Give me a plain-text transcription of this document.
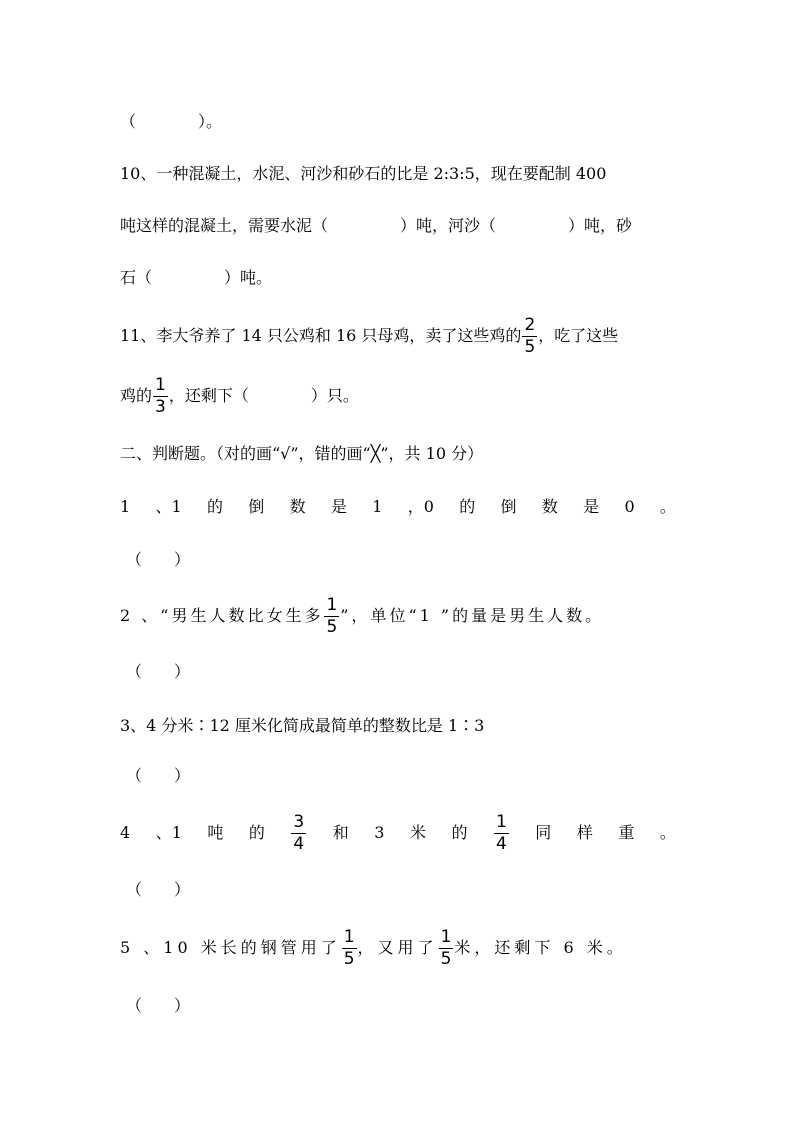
（	）。
10、一种混凝土，水泥、河沙和砂石的比是 2:3:5，现在要配制 400
吨这样的混凝土，需要水泥（	）吨，河沙（	）吨，砂
石（	）吨。
11、李大爷养了 14 只公鸡和 16 只母鸡，卖了这些鸡的 $\frac{2}{5}$ ，吃了这些
鸡的 $\frac{1}{3}$ ，还剩下（	）只。
二、判断题。（对的画“√”，错的画“╳”，共 10 分）
1 、1 的 倒 数 是 1 ，0 的 倒 数 是 0 。
（　　）
2 、“男生人数比女生多 $\frac{1}{5}$ ”，单位“1 ”的量是男生人数。
（　　）
3、4 分米∶12 厘米化简成最简单的整数比是 1∶3
（　　）
4 、1 吨 的 $\frac{3}{4}$ 和 3 米 的 $\frac{1}{4}$ 同 样 重 。
（　　）
5 、10 米长的钢管用了 $\frac{1}{5}$ ，又用了 $\frac{1}{5}$ 米，还剩下 6 米。
（　　）
